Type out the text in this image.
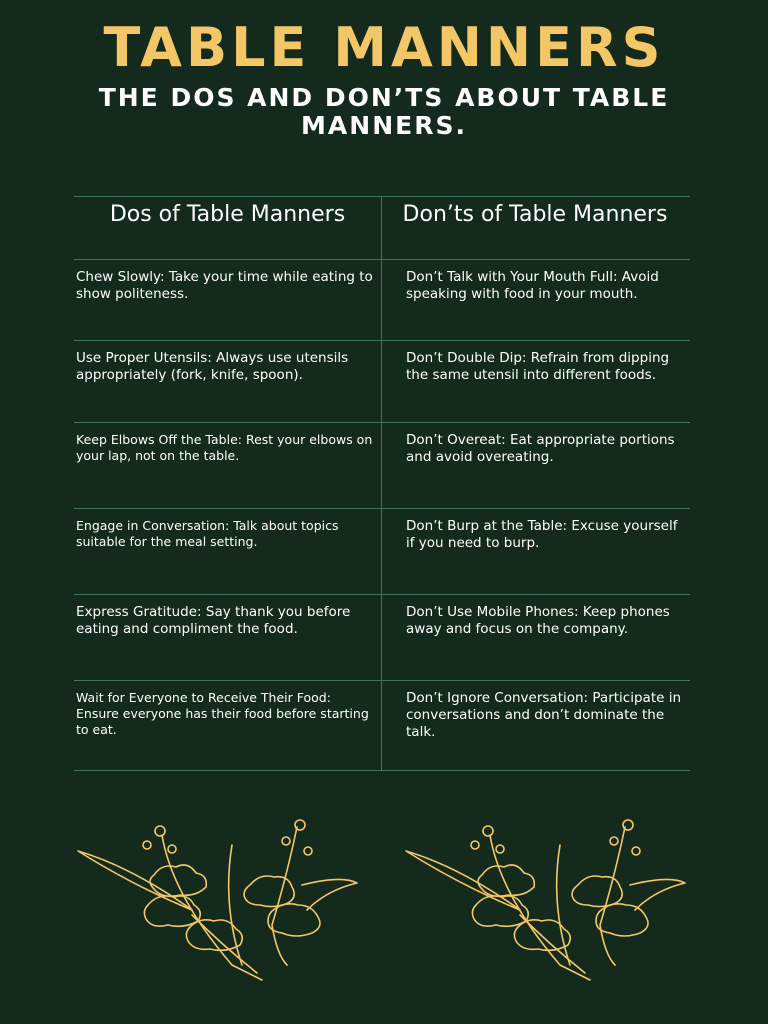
TABLE MANNERS
THE DOS AND DON’TS ABOUT TABLE MANNERS.
Dos of Table Manners	Don’ts of Table Manners
Chew Slowly: Take your time while eating to show politeness.
Don’t Talk with Your Mouth Full: Avoid speaking with food in your mouth.
Use Proper Utensils: Always use utensils appropriately (fork, knife, spoon).
Don’t Double Dip: Refrain from dipping the same utensil into different foods.
Keep Elbows Off the Table: Rest your elbows on your lap, not on the table.
Don’t Overeat: Eat appropriate portions and avoid overeating.
Engage in Conversation: Talk about topics suitable for the meal setting.
Don’t Burp at the Table: Excuse yourself if you need to burp.
Express Gratitude: Say thank you before eating and compliment the food.
Don’t Use Mobile Phones: Keep phones away and focus on the company.
Wait for Everyone to Receive Their Food: Ensure everyone has their food before starting to eat.
Don’t Ignore Conversation: Participate in conversations and don’t dominate the talk.
